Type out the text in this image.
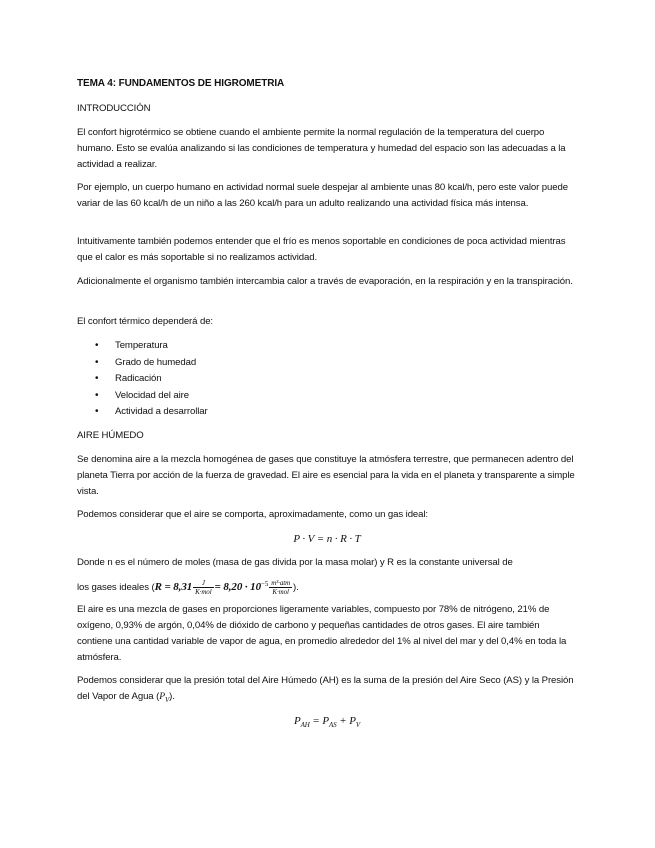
TEMA 4: FUNDAMENTOS DE HIGROMETRIA
INTRODUCCIÓN

El confort higrotérmico se obtiene cuando el ambiente permite la normal regulación de la temperatura del cuerpo humano. Esto se evalúa analizando si las condiciones de temperatura y humedad del espacio son las adecuadas a la actividad a realizar.

Por ejemplo, un cuerpo humano en actividad normal suele despejar al ambiente unas 80 kcal/h, pero este valor puede variar de las 60 kcal/h de un niño a las 260 kcal/h para un adulto realizando una actividad física más intensa.

Intuitivamente también podemos entender que el frío es menos soportable en condiciones de poca actividad mientras que el calor es más soportable si no realizamos actividad.

Adicionalmente el organismo también intercambia calor a través de evaporación, en la respiración y en la transpiración.

El confort térmico dependerá de:

• Temperatura
• Grado de humedad
• Radicación
• Velocidad del aire
• Actividad a desarrollar
AIRE HÚMEDO

Se denomina aire a la mezcla homogénea de gases que constituye la atmósfera terrestre, que permanecen adentro del planeta Tierra por acción de la fuerza de gravedad. El aire es esencial para la vida en el planeta y transparente a simple vista.

Podemos considerar que el aire se comporta, aproximadamente, como un gas ideal:

P · V = n · R · T
Donde n es el número de moles (masa de gas divida por la masa molar) y R es la constante universal de
los gases ideales ($R = 8,31 \frac{J}{\text{K·mol}} = 8,20 \cdot 10^{-5} \frac{\text{m³·atm}}{\text{K·mol}}$ ).

El aire es una mezcla de gases en proporciones ligeramente variables, compuesto por 78% de nitrógeno, 21% de oxígeno, 0,93% de argón, 0,04% de dióxido de carbono y pequeñas cantidades de otros gases. El aire también contiene una cantidad variable de vapor de agua, en promedio alrededor del 1% al nivel del mar y del 0,4% en toda la atmósfera.

Podemos considerar que la presión total del Aire Húmedo (AH) es la suma de la presión del Aire Seco (AS) y la Presión del Vapor de Agua $(P_V)$.
$P_{AH} = P_{AS} + P_V$
